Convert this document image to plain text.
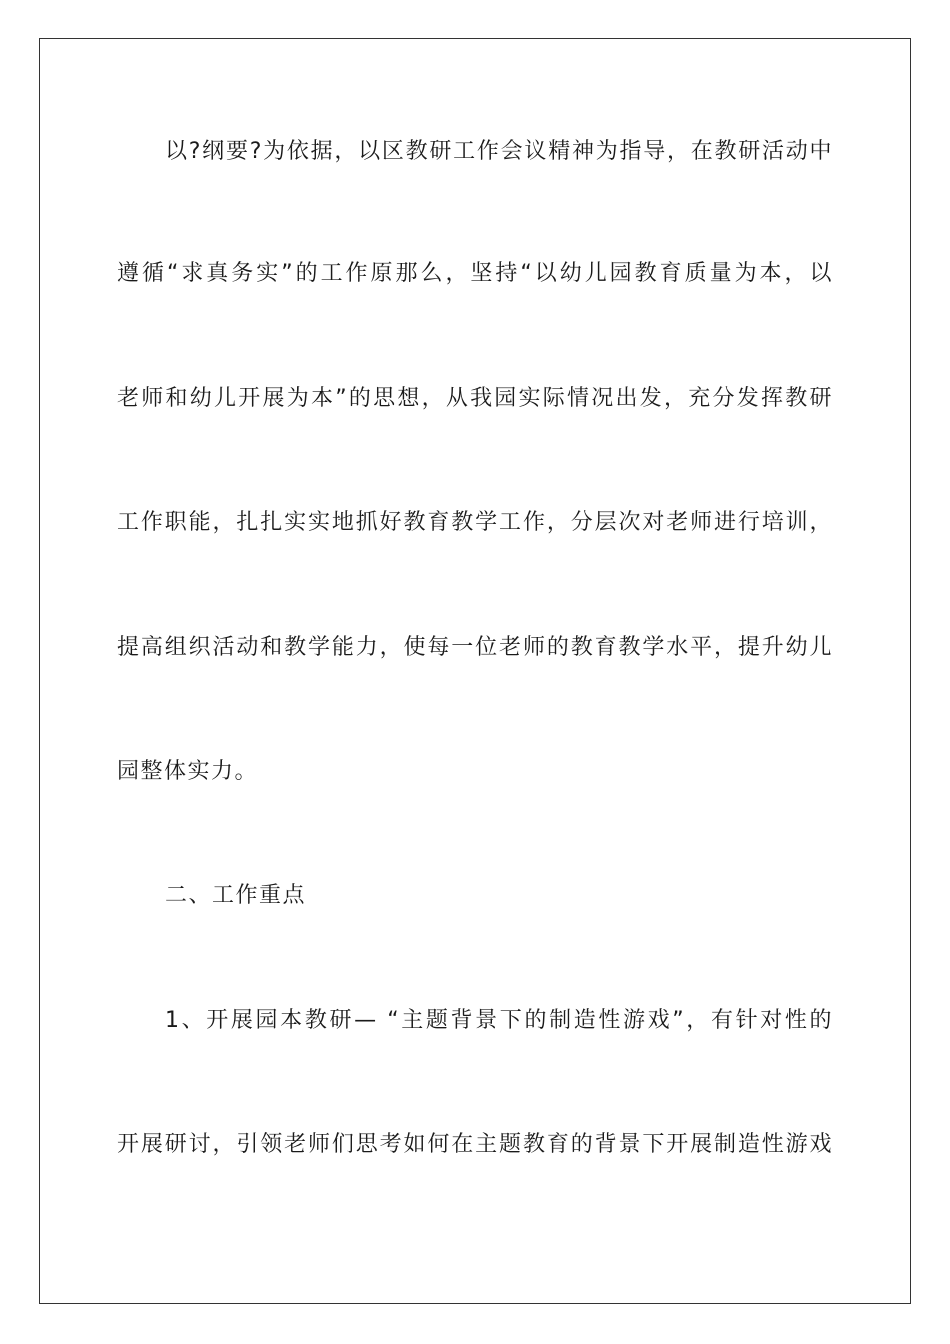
以?纲要?为依据，以区教研工作会议精神为指导，在教研活动中
遵循“求真务实”的工作原那么，坚持“以幼儿园教育质量为本，以
老师和幼儿开展为本”的思想，从我园实际情况出发，充分发挥教研
工作职能，扎扎实实地抓好教育教学工作，分层次对老师进行培训，
提高组织活动和教学能力，使每一位老师的教育教学水平，提升幼儿
园整体实力。
二、工作重点
1、开展园本教研— “主题背景下的制造性游戏”，有针对性的
开展研讨，引领老师们思考如何在主题教育的背景下开展制造性游戏
